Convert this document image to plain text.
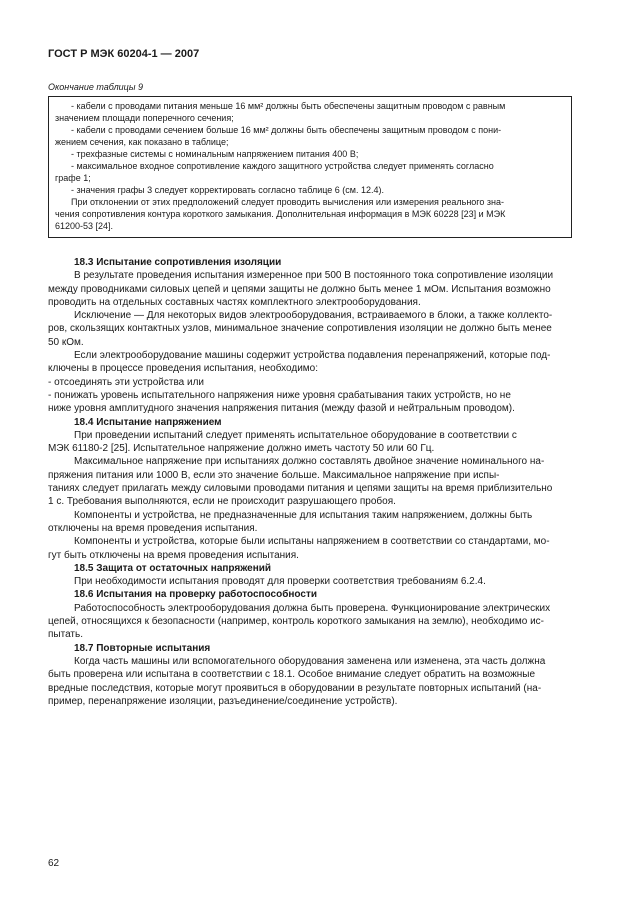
ГОСТ Р МЭК 60204-1 — 2007
Окончание таблицы 9
- кабели с проводами питания меньше 16 мм² должны быть обеспечены защитным проводом с равным
значением площади поперечного сечения;
- кабели с проводами сечением больше 16 мм² должны быть обеспечены защитным проводом с пони-
жением сечения, как показано в таблице;
- трехфазные системы с номинальным напряжением питания 400 В;
- максимальное входное сопротивление каждого защитного устройства следует применять согласно
графе 1;
- значения графы 3 следует корректировать согласно таблице 6 (см. 12.4).
При отклонении от этих предположений следует проводить вычисления или измерения реального зна-
чения сопротивления контура короткого замыкания. Дополнительная информация в МЭК 60228 [23] и МЭК
61200-53 [24].
18.3 Испытание сопротивления изоляции
В результате проведения испытания измеренное при 500 В постоянного тока сопротивление изоляции
между проводниками силовых цепей и цепями защиты не должно быть менее 1 мОм. Испытания возможно
проводить на отдельных составных частях комплектного электрооборудования.
Исключение — Для некоторых видов электрооборудования, встраиваемого в блоки, а также коллекто-
ров, скользящих контактных узлов, минимальное значение сопротивления изоляции не должно быть менее
50 кОм.
Если электрооборудование машины содержит устройства подавления перенапряжений, которые под-
ключены в процессе проведения испытания, необходимо:
- отсоединять эти устройства или
- понижать уровень испытательного напряжения ниже уровня срабатывания таких устройств, но не
ниже уровня амплитудного значения напряжения питания (между фазой и нейтральным проводом).
18.4 Испытание напряжением
При проведении испытаний следует применять испытательное оборудование в соответствии с
МЭК 61180-2 [25]. Испытательное напряжение должно иметь частоту 50 или 60 Гц.
Максимальное напряжение при испытаниях должно составлять двойное значение номинального на-
пряжения питания или 1000 В, если это значение больше. Максимальное напряжение при испы-
таниях следует прилагать между силовыми проводами питания и цепями защиты на время приблизительно
1 с. Требования выполняются, если не происходит разрушающего пробоя.
Компоненты и устройства, не предназначенные для испытания таким напряжением, должны быть
отключены на время проведения испытания.
Компоненты и устройства, которые были испытаны напряжением в соответствии со стандартами, мо-
гут быть отключены на время проведения испытания.
18.5 Защита от остаточных напряжений
При необходимости испытания проводят для проверки соответствия требованиям 6.2.4.
18.6 Испытания на проверку работоспособности
Работоспособность электрооборудования должна быть проверена. Функционирование электрических
цепей, относящихся к безопасности (например, контроль короткого замыкания на землю), необходимо ис-
пытать.
18.7 Повторные испытания
Когда часть машины или вспомогательного оборудования заменена или изменена, эта часть должна
быть проверена или испытана в соответствии с 18.1. Особое внимание следует обратить на возможные
вредные последствия, которые могут проявиться в оборудовании в результате повторных испытаний (на-
пример, перенапряжение изоляции, разъединение/соединение устройств).
62
